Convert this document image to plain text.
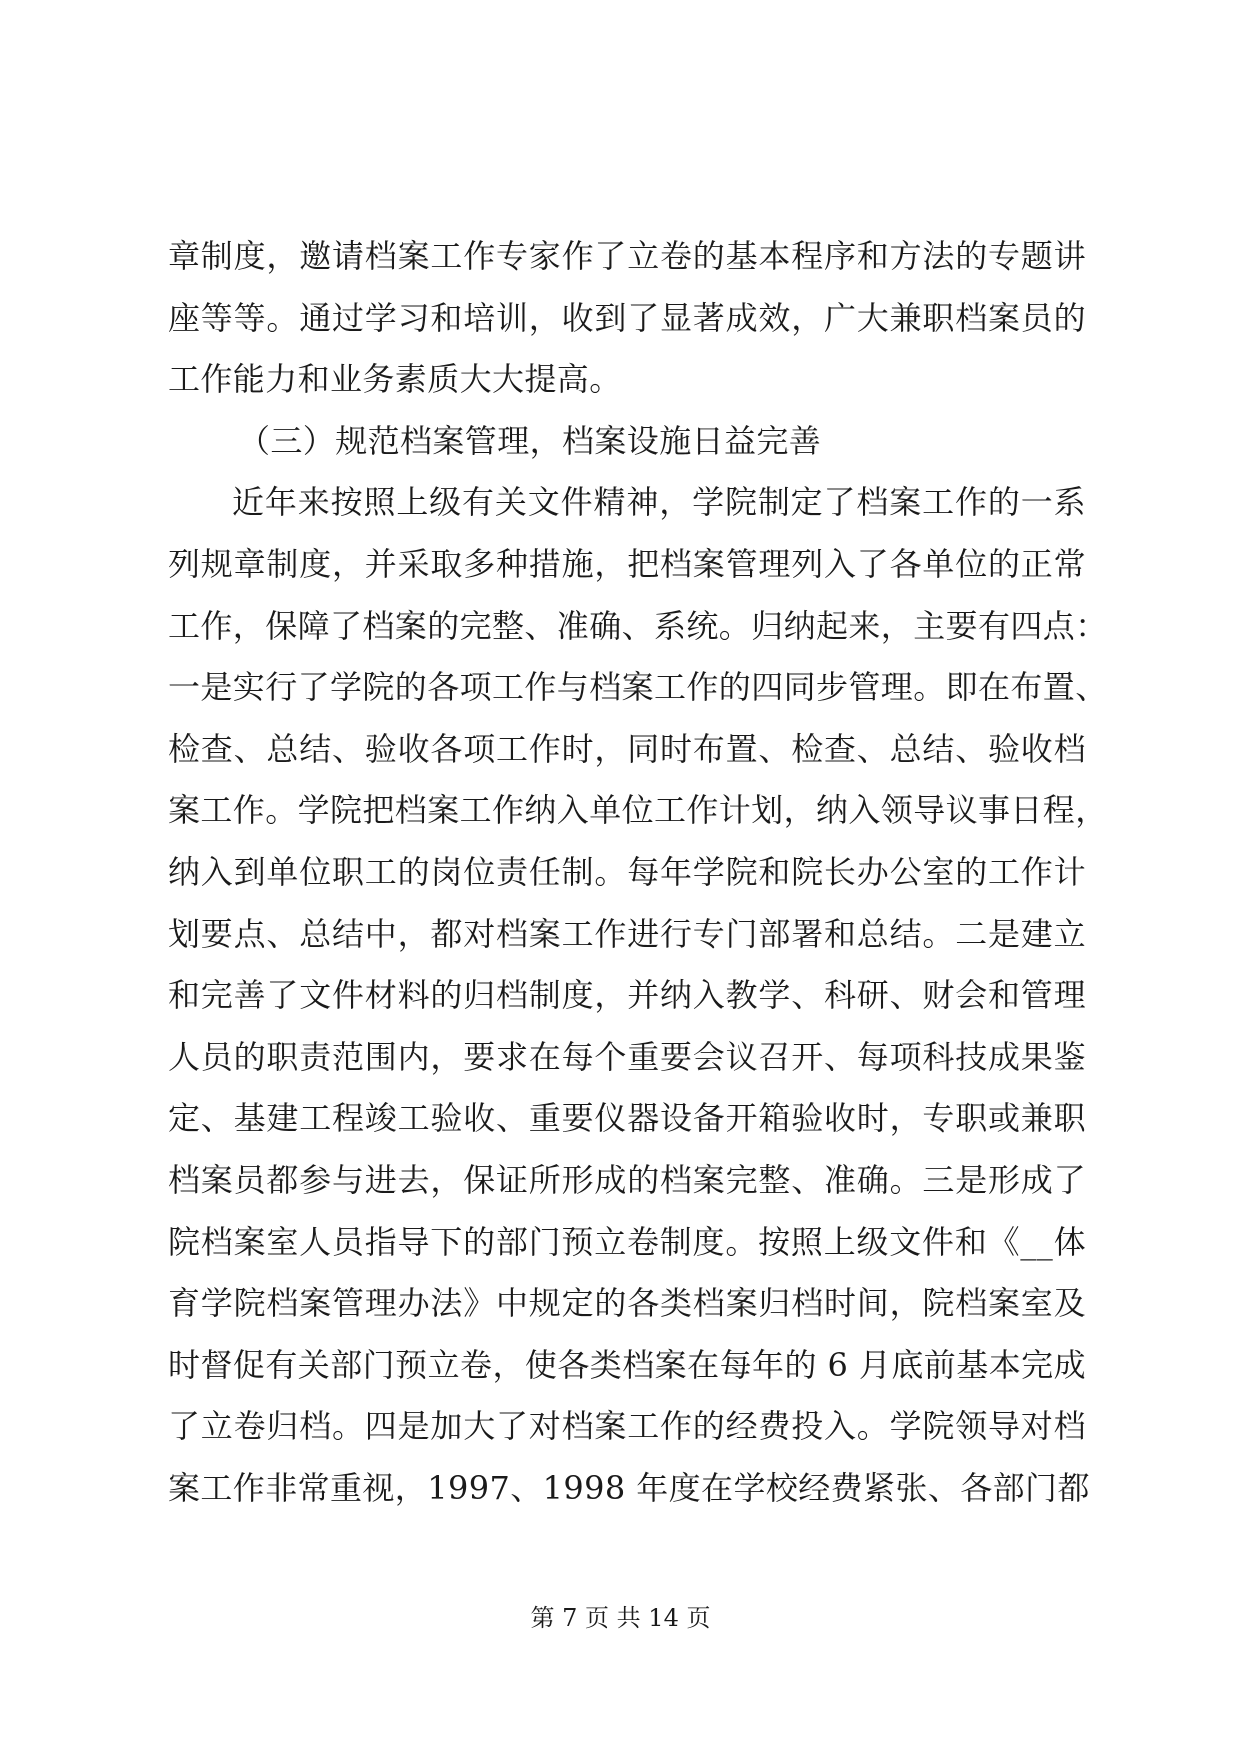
章制度，邀请档案工作专家作了立卷的基本程序和方法的专题讲
座等等。通过学习和培训，收到了显著成效，广大兼职档案员的
工作能力和业务素质大大提高。
（三）规范档案管理，档案设施日益完善
近年来按照上级有关文件精神，学院制定了档案工作的一系
列规章制度，并采取多种措施，把档案管理列入了各单位的正常
工作，保障了档案的完整、准确、系统。归纳起来，主要有四点：
一是实行了学院的各项工作与档案工作的四同步管理。即在布置、
检查、总结、验收各项工作时，同时布置、检查、总结、验收档
案工作。学院把档案工作纳入单位工作计划，纳入领导议事日程，
纳入到单位职工的岗位责任制。每年学院和院长办公室的工作计
划要点、总结中，都对档案工作进行专门部署和总结。二是建立
和完善了文件材料的归档制度，并纳入教学、科研、财会和管理
人员的职责范围内，要求在每个重要会议召开、每项科技成果鉴
定、基建工程竣工验收、重要仪器设备开箱验收时，专职或兼职
档案员都参与进去，保证所形成的档案完整、准确。三是形成了
院档案室人员指导下的部门预立卷制度。按照上级文件和《__体
育学院档案管理办法》中规定的各类档案归档时间，院档案室及
时督促有关部门预立卷，使各类档案在每年的 6 月底前基本完成
了立卷归档。四是加大了对档案工作的经费投入。学院领导对档
案工作非常重视，1997、1998 年度在学校经费紧张、各部门都
第 7 页 共 14 页
